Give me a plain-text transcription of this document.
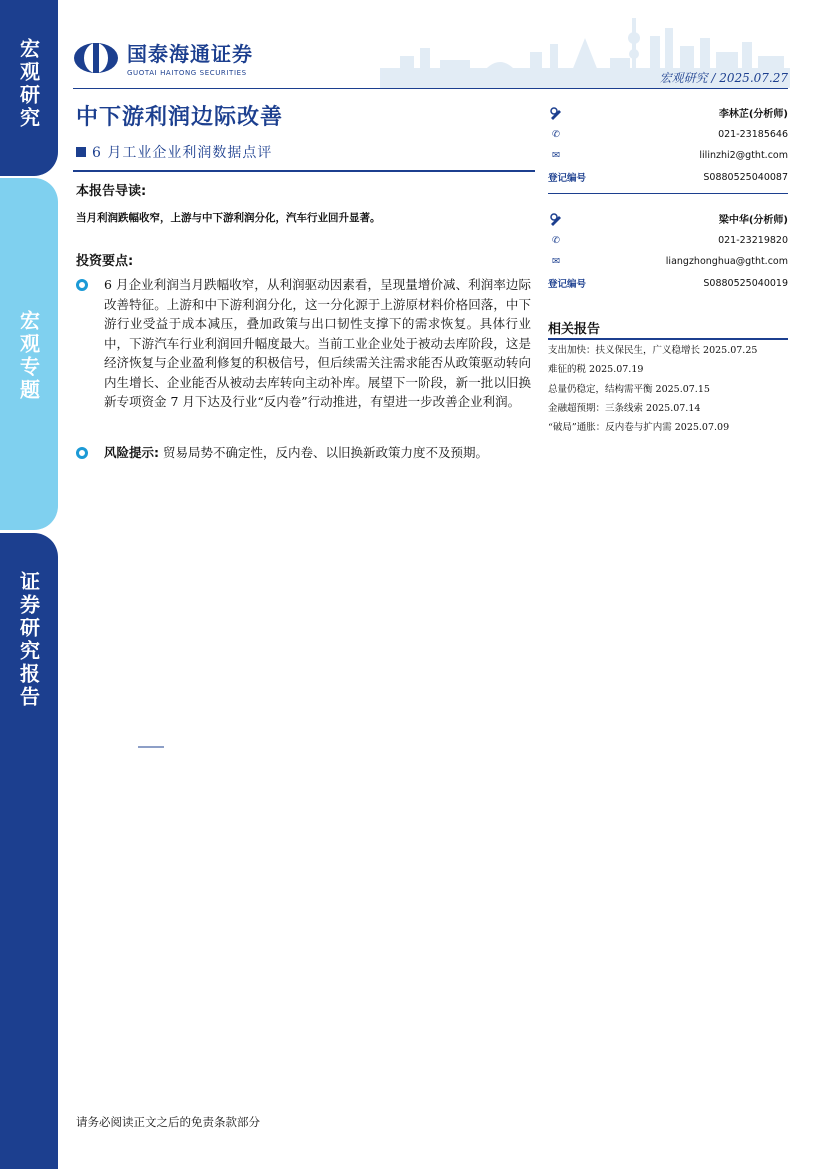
宏观研究
宏观专题
证券研究报告
国泰海通证券
GUOTAI HAITONG SECURITIES	宏观研究 / 2025.07.27
中下游利润边际改善
6 月工业企业利润数据点评
本报告导读:
当月利润跌幅收窄，上游与中下游利润分化，汽车行业回升显著。
投资要点:
6 月企业利润当月跌幅收窄，从利润驱动因素看，呈现量增价减、利润率边际改善特征。上游和中下游利润分化，这一分化源于上游原材料价格回落，中下游行业受益于成本减压，叠加政策与出口韧性支撑下的需求恢复。具体行业中，下游汽车行业利润回升幅度最大。当前工业企业处于被动去库阶段，这是经济恢复与企业盈利修复的积极信号，但后续需关注需求能否从政策驱动转向内生增长、企业能否从被动去库转向主动补库。展望下一阶段，新一批以旧换新专项资金 7 月下达及行业“反内卷”行动推进，有望进一步改善企业利润。
风险提示: 贸易局势不确定性，反内卷、以旧换新政策力度不及预期。
李林芷(分析师)
✆	021-23185646
✉	lilinzhi2@gtht.com
登记编号	S0880525040087
梁中华(分析师)
✆	021-23219820
✉	liangzhonghua@gtht.com
登记编号	S0880525040019
相关报告
支出加快：扶义保民生，广义稳增长 2025.07.25
难征的税 2025.07.19
总量仍稳定，结构需平衡 2025.07.15
金融超预期：三条线索 2025.07.14
“破局”通胀：反内卷与扩内需 2025.07.09
请务必阅读正文之后的免责条款部分
